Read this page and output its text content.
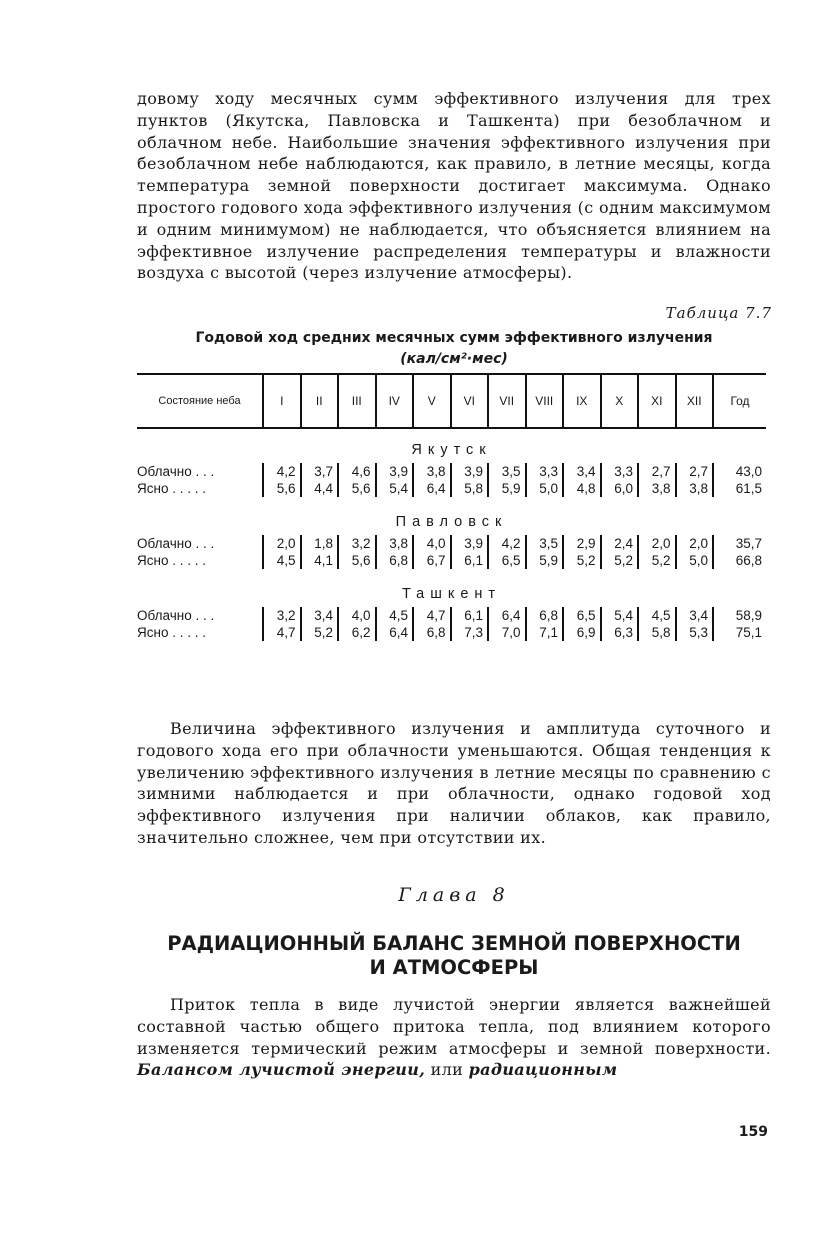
довому ходу месячных сумм эффективного излучения для трех пунктов (Якутска, Павловска и Ташкента) при безоблачном и облачном небе. Наибольшие значения эффективного излучения при безоблачном небе наблюдаются, как правило, в летние месяцы, когда температура земной поверхности достигает максимума. Однако простого годового хода эффективного излучения (с одним максимумом и одним минимумом) не наблюдается, что объясняется влиянием на эффективное излучение распределения температуры и влажности воздуха с высотой (через излучение атмосферы).

Таблица 7.7
Годовой ход средних месячных сумм эффективного излучения
(кал/см²·мес)
Состояние неба	I	II	III	IV	V	VI	VII	VIII	IX	X	XI	XII	Год
Якутск													
Облачно . . .	4,2	3,7	4,6	3,9	3,8	3,9	3,5	3,3	3,4	3,3	2,7	2,7	43,0
Ясно . . . . .	5,6	4,4	5,6	5,4	6,4	5,8	5,9	5,0	4,8	6,0	3,8	3,8	61,5
Павловск													
Облачно . . .	2,0	1,8	3,2	3,8	4,0	3,9	4,2	3,5	2,9	2,4	2,0	2,0	35,7
Ясно . . . . .	4,5	4,1	5,6	6,8	6,7	6,1	6,5	5,9	5,2	5,2	5,2	5,0	66,8
Ташкент													
Облачно . . .	3,2	3,4	4,0	4,5	4,7	6,1	6,4	6,8	6,5	5,4	4,5	3,4	58,9
Ясно . . . . .	4,7	5,2	6,2	6,4	6,8	7,3	7,0	7,1	6,9	6,3	5,8	5,3	75,1

Величина эффективного излучения и амплитуда суточного и годового хода его при облачности уменьшаются. Общая тенденция к увеличению эффективного излучения в летние месяцы по сравнению с зимними наблюдается и при облачности, однако годовой ход эффективного излучения при наличии облаков, как правило, значительно сложнее, чем при отсутствии их.

Глава 8
РАДИАЦИОННЫЙ БАЛАНС ЗЕМНОЙ ПОВЕРХНОСТИ
И АТМОСФЕРЫ

Приток тепла в виде лучистой энергии является важнейшей составной частью общего притока тепла, под влиянием которого изменяется термический режим атмосферы и земной поверхности. Балансом лучистой энергии, или радиационным

159
